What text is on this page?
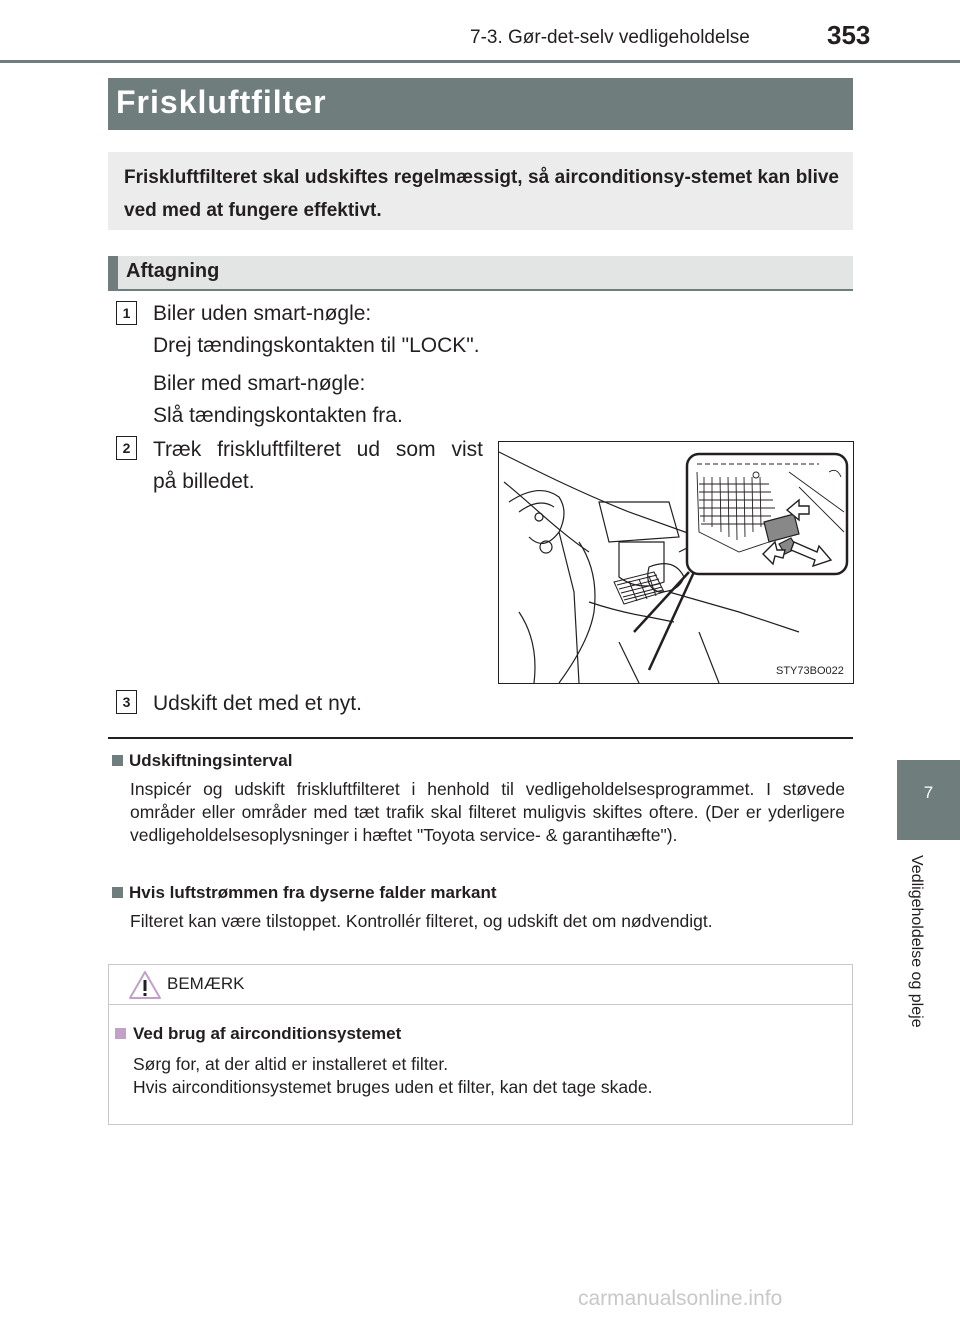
7-3. Gør-det-selv vedligeholdelse	353
Friskluftfilter
Friskluftfilteret skal udskiftes regelmæssigt, så airconditionsy-stemet kan blive ved med at fungere effektivt.
Aftagning
1	Biler uden smart-nøgle:
Drej tændingskontakten til "LOCK".
Biler med smart-nøgle:
Slå tændingskontakten fra.
2	Træk friskluftfilteret ud som vist
på billedet.
STY73BO022
3	Udskift det med et nyt.
Udskiftningsinterval
Inspicér og udskift friskluftfilteret i henhold til vedligeholdelsesprogrammet. I støvede områder eller områder med tæt trafik skal filteret muligvis skiftes oftere. (Der er yderligere vedligeholdelsesoplysninger i hæftet "Toyota service- & garantihæfte").
Hvis luftstrømmen fra dyserne falder markant
Filteret kan være tilstoppet. Kontrollér filteret, og udskift det om nødvendigt.
BEMÆRK
Ved brug af airconditionsystemet
Sørg for, at der altid er installeret et filter.
Hvis airconditionsystemet bruges uden et filter, kan det tage skade.
7
Vedligeholdelse og pleje
carmanualsonline.info
